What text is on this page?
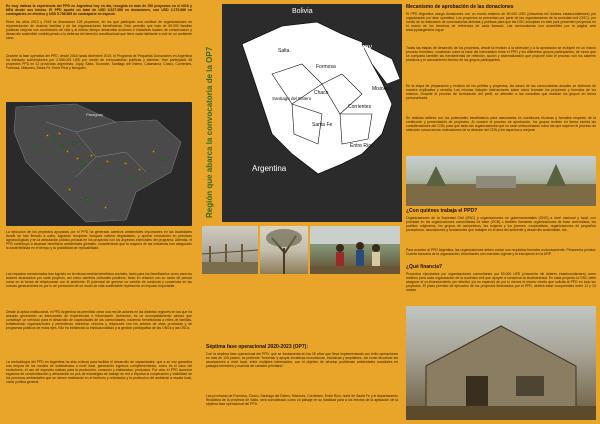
Es muy valiosa la experiencia del PPD en Argentina hoy en día, recogida en más de 250 proyectos en el NOA y NEA desde sus inicios. El PPD aportó un total de USD 6.527.389 en donaciones, con USD 2.170.566 en contrapartes en efectivo y USD 5.798.889 de contraparte en especie.

Entre los años 2013 y 2019 se financiaron 128 proyectos, en los que participan una multitud de organizaciones en representación de muchas familias y de las organizaciones beneficiarias. Esto permitió que más de 50.000 familias pudieran mejorar sus condiciones de vida y al mismo tiempo desarrollar acciones e iniciativas locales de conservación y desarrollo sostenible contribuyendo a la defensa del derecho constitucional que tiene cada habitante a vivir en un ambiente sano.

Durante la fase operativa del PPD, desde 2016 hasta diciembre 2019, el Programa de Pequeñas Donaciones en Argentina ha brindado subvenciones por 2.966.015 USD por medio de convocatorias públicas y abiertas. Han participado 48 proyectos PPD en 12 provincias argentinas: Jujuy, Salta, Tucumán, Santiago del Estero, Catamarca, Chaco, Corrientes, Formosa, Misiones, Santa Fe, Entre Ríos y Neuquén.

Paraguay

La ejecución de los proyectos apoyados por el PPD ha generado cambios ambientales importantes en las localidades donde se han llevado a cabo, logrando recuperar bosques nativos degradados, y aportar innovación en prácticas agroecológicas y en la articulación público-privada en los proyectos con los aspectos esenciales del programa. Además, el PPD contribuyó a alcanzar beneficios ambientales globales, considerando que la mayoría de las iniciativas han asegurado la sostenibilidad en el tiempo y la posibilidad de replicabilidad.

Los impactos mencionados han logrado en la misma medida beneficios sociales, tanto para los beneficiarios como para los actores alcanzados por cada proyecto, así como cambios culturales positivos, tanto en relación con su modo de pensar como en la forma de relacionarse con el ambiente. El potencial de generar un cambio de conducta y conciencia en las nuevas generaciones es por lo de promoción de un modo de vida sustentable representa un impacto importante.

Desde la óptica institucional, el PPD Argentina ha permitido crear una red de actores en las distintas regiones en las que ha actuado generando un intercambio de experiencias e información. Asimismo, es un acompañamiento valioso que constituye un vehículo para el desarrollo de capacidades de las comunidades, haciendo beneficiarias a miles de familias, fortaleciendo organizaciones y permitiendo estrechar vínculos y relaciones con los actores de otras provincias y de programas públicos de estos ejes. Ello ha fortalecido la institucionalidad y la gestión participativa de las ONGs y las OSCs.

La metodología del PPD en Argentina ha sido exitosa para facilitar el desarrollo de capacidades, que a su vez garantiza una mejora de los medios de subsistencia a nivel local, generando ingresos complementarios, como es el caso del ecoturismo, el uso de especies nativas para la producción, consumo y elaborados, productos. Por otra, el PPD favorece espacios de concientización y articulación en pos de estrategias de trabajo en red e impulsa la cooperación y visibilidad de los procesos ambientales que se vienen realizando en el territorio y orientados y la protección del ambiente a escala local, como política general.

Región que abarca la convocatoria de la OP7
Bolivia
Paraguay
Salta
Formosa
Chaco
Santiago del Estero
Misiones
Corrientes
Santa Fe
Entre Ríos
Argentina

Séptima fase operacional 2020-2023 (OP7):

Con la séptima fase operacional del PPD, que se fundamenta en los 26 años que lleva implementando con éxito operaciones en más de 125 países, se pretende "fomentar y apoyar iniciativas innovadoras, inclusivas y ampliables, así como favorecer las asociaciones a nivel local, entre múltiples interesados, con el objetivo de afrontar problemas ambientales mundiales en paisajes terrestres y marinos de carácter prioritario".

Las provincias de Formosa, Chaco, Santiago del Estero, Misiones, Corrientes, Entre Ríos, norte de Santa Fe y el departamento Rivadavia de la provincia de Salta, será considerado como un paisaje en su totalidad para a los efectos de la aplicación de la séptima fase operacional del PPD.

Mecanismo de aprobación de las donaciones

El PPD Argentina otorga donaciones con un monto máximo de 50.000 USD (cincuenta mil dólares estadounidenses) por organización por fase operativa. Los proyectos se presentan por parte de las organizaciones de la sociedad civil (OSC), por medio de la realización de convocatorias abiertas y públicas para que las OSC inscriptas en este país presenten proyectos en el marco de los términos de referencia de cada llamado. Las convocatorias son accesibles por la página web www.ppdargentina.org.ar

Todas las etapas de desarrollo de los proyectos, desde la revisión a la selección y a la aprobación se incluyen en un mismo proceso formativo, construido sobre la base del intercambio entre el PPD y los diferentes grupos participantes, de modo que se comparta también las herramientas de reflexión, acción y sistematización que propone todo el proceso con los saberes prácticos y el conocimiento técnico de los grupos participantes.

En la etapa de preparación y revisión de los perfiles y proyectos, las bases de las convocatorias anuales se elaboran de manera explicativa y sencilla. Las mismas incluyen instrucciones sobre cómo formular los proyectos y formatos de los mismos. Durante el proceso de formulación del perfil, se atienden a las consultas que realizan los grupos en forma personalizada.

Se realizan talleres con los potenciales beneficiarios para asesorarlos en cuestiones técnicas y formales respecto de la confección y presentación de proyectos. Al concluir el proceso de aprobación, los grupos reciben en forma escrita las consideraciones del CDN, para que tanto las organizaciones que no sean seleccionadas como las que superen el proceso de selección conozcan las motivaciones de la decisión del CDN y los aspectos a mejorar.

¿Con quiénes trabaja el PPD?

Organizaciones de la Sociedad Civil (OSC) y organizaciones no gubernamentales (ONG) a nivel nacional y local, con prioridad en las organizaciones comunitarias de base (OCB) o también llamadas organizaciones de base comunitaria, los pueblos originarios, los grupos de campesinos, las mujeres y los jóvenes, cooperativas, organizaciones de pequeños productores, asociaciones y fundaciones que trabajen en el área del ambiente y desarrollo sustentable, etc.

Para acceder al PPD Argentina, las organizaciones deben contar con requisitos formales exclusivamente: Personería jurídica; Cuenta bancaria de la organización; Autoridades con mandato vigente y la inscripción en la AFIP.

¿Qué financia?

Proyectos ejecutados por organizaciones comunitarias por 50.000 USS (cincuenta mil dólares estadounidenses) como máximo para cada organización de la sociedad civil que apoyen a conservar la biodiversidad. En cada proyecto la OSC debe asegurar el co-financiamiento (en efectivo y/o en especie) de por lo menos el mismo monto que solicita al PPD en todo los proyectos. El plazo previsto de ejecución de los proyectos financiados por el PPD, deberá estar comprendido entre 12 y 24 meses.
